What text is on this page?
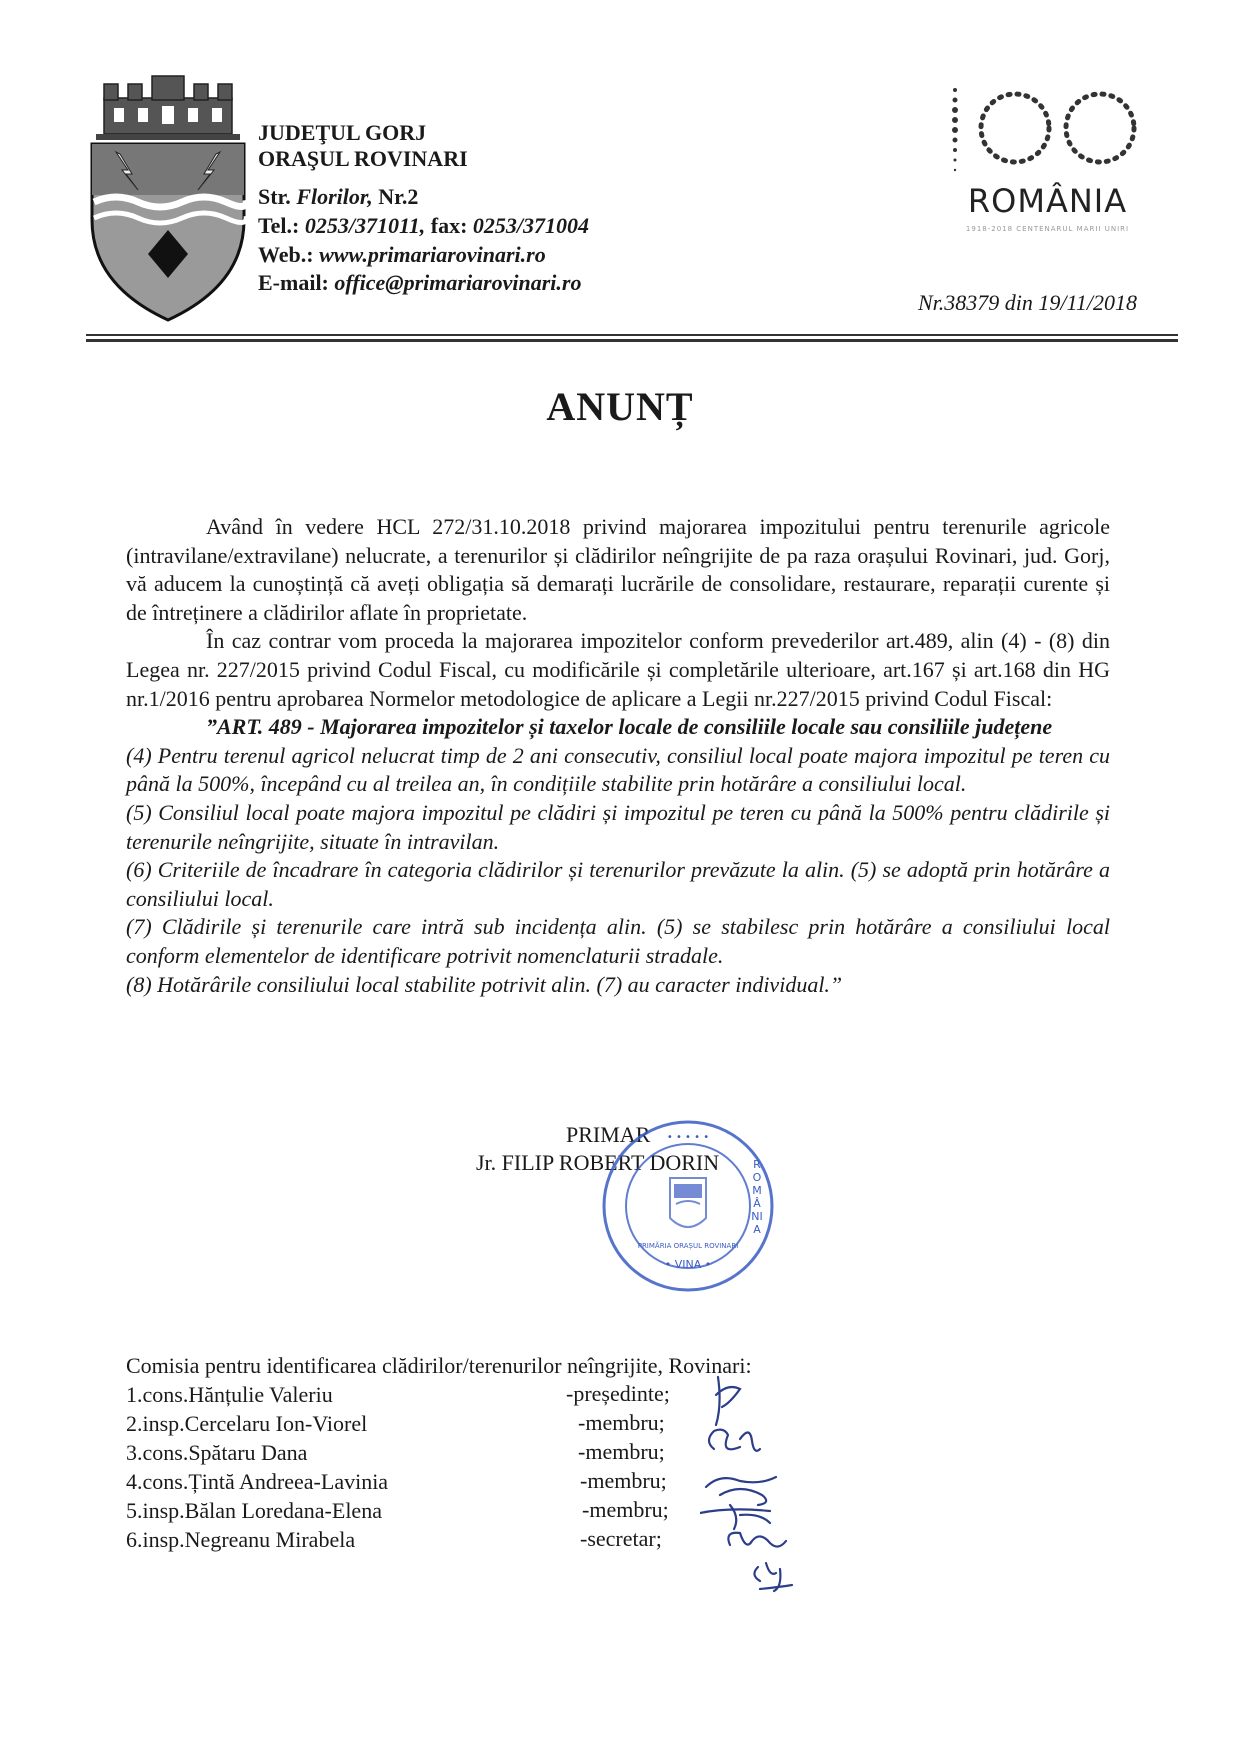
JUDEŢUL GORJ
ORAŞUL ROVINARI
Str. Florilor, Nr.2
Tel.: 0253/371011, fax: 0253/371004
Web.: www.primariarovinari.ro
E-mail: office@primariarovinari.ro
ROMÂNIA
1918-2018 CENTENARUL MARII UNIRI
Nr.38379 din 19/11/2018
ANUNȚ

Având în vedere HCL 272/31.10.2018 privind majorarea impozitului pentru terenurile agricole (intravilane/extravilane) nelucrate, a terenurilor și clădirilor neîngrijite de pa raza orașului Rovinari, jud. Gorj, vă aducem la cunoștință că aveți obligația să demarați lucrările de consolidare, restaurare, reparații curente și de întreținere a clădirilor aflate în proprietate.

În caz contrar vom proceda la majorarea impozitelor conform prevederilor art.489, alin (4) - (8) din Legea nr. 227/2015 privind Codul Fiscal, cu modificările și completările ulterioare, art.167 și art.168 din HG nr.1/2016 pentru aprobarea Normelor metodologice de aplicare a Legii nr.227/2015 privind Codul Fiscal:

”ART. 489 - Majorarea impozitelor și taxelor locale de consiliile locale sau consiliile județene

(4) Pentru terenul agricol nelucrat timp de 2 ani consecutiv, consiliul local poate majora impozitul pe teren cu până la 500%, începând cu al treilea an, în condițiile stabilite prin hotărâre a consiliului local.

(5) Consiliul local poate majora impozitul pe clădiri și impozitul pe teren cu până la 500% pentru clădirile și terenurile neîngrijite, situate în intravilan.

(6) Criteriile de încadrare în categoria clădirilor și terenurilor prevăzute la alin. (5) se adoptă prin hotărâre a consiliului local.

(7) Clădirile și terenurile care intră sub incidența alin. (5) se stabilesc prin hotărâre a consiliului local conform elementelor de identificare potrivit nomenclaturii stradale.

(8) Hotărârile consiliului local stabilite potrivit alin. (7) au caracter individual.”

PRIMAR
Jr. FILIP ROBERT DORIN
• • • • •
• VINA •
ROMÂNIA
PRIMĂRIA ORAȘUL ROVINARI
Comisia pentru identificarea clădirilor/terenurilor neîngrijite, Rovinari:
1.cons.Hănțulie Valeriu	-președinte;
2.insp.Cercelaru Ion-Viorel	-membru;
3.cons.Spătaru Dana	-membru;
4.cons.Țintă Andreea-Lavinia	-membru;
5.insp.Bălan Loredana-Elena	-membru;
6.insp.Negreanu Mirabela	-secretar;
